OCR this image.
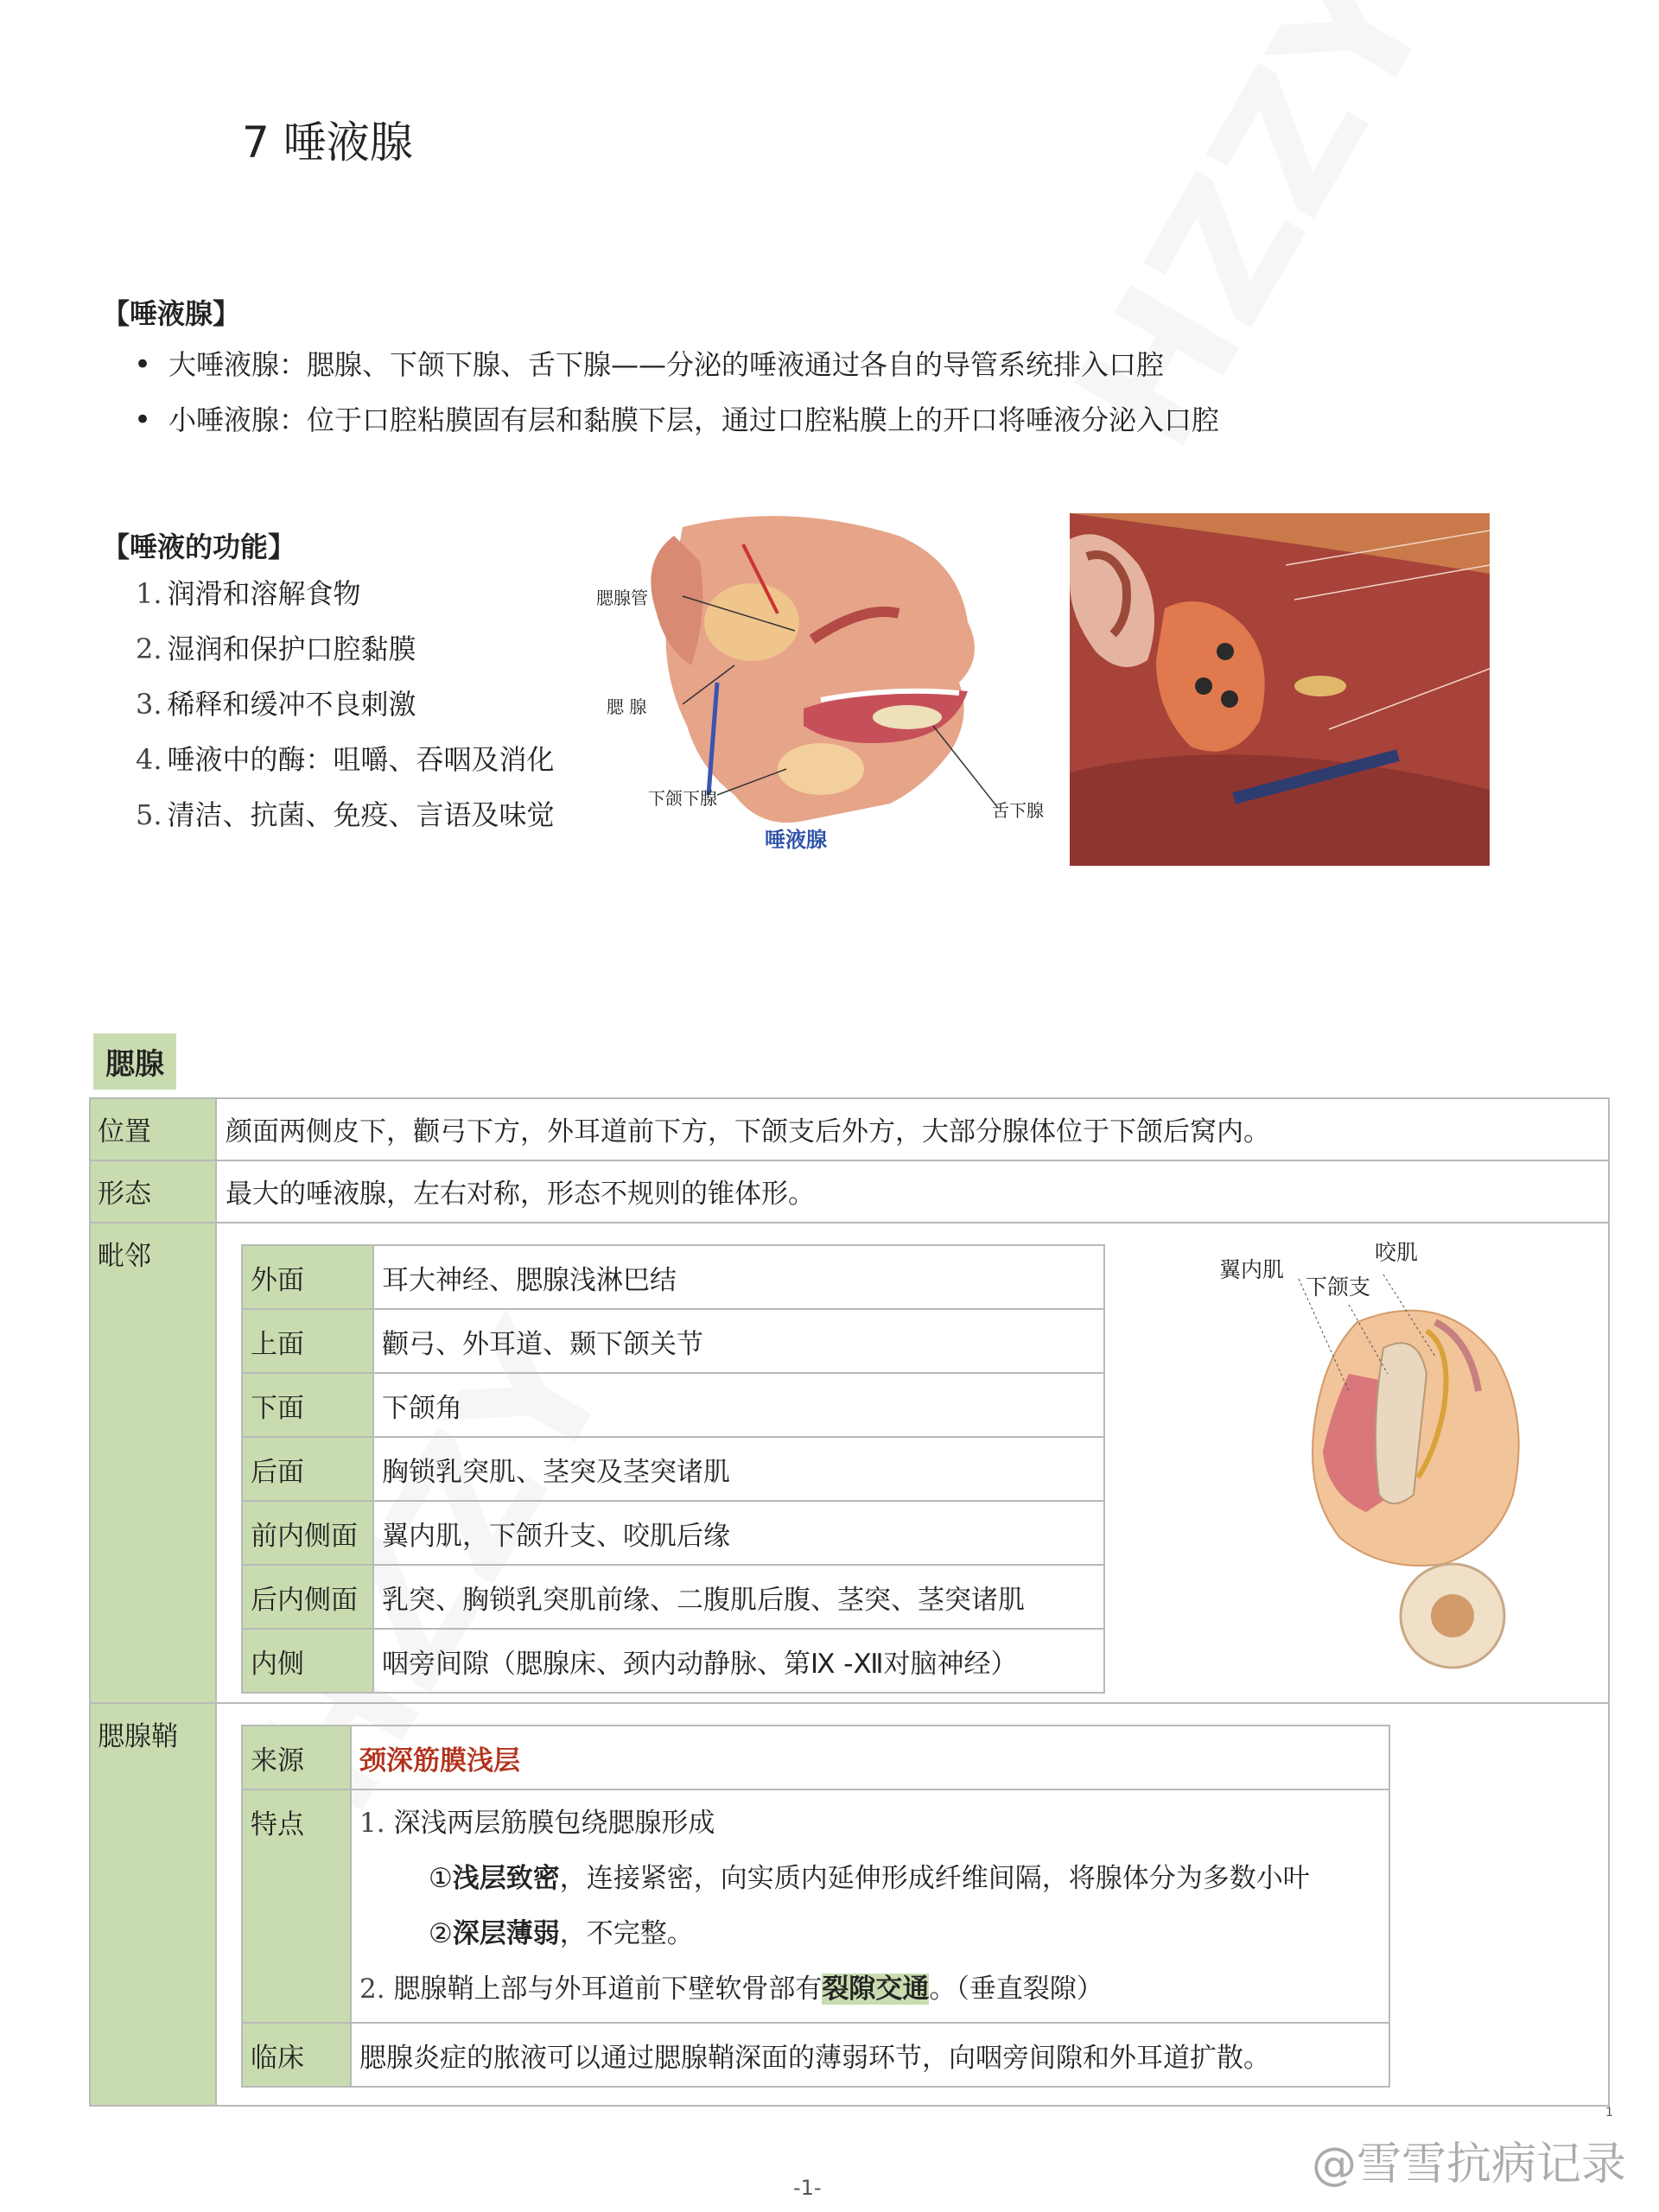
7 唾液腺
【唾液腺】
• 大唾液腺：腮腺、下颌下腺、舌下腺——分泌的唾液通过各自的导管系统排入口腔
• 小唾液腺：位于口腔粘膜固有层和黏膜下层，通过口腔粘膜上的开口将唾液分泌入口腔
【唾液的功能】
1. 润滑和溶解食物
2. 湿润和保护口腔黏膜
3. 稀释和缓冲不良刺激
4. 唾液中的酶：咀嚼、吞咽及消化
5. 清洁、抗菌、免疫、言语及味觉
腮腺管
腮 腺
下颌下腺
舌下腺
唾液腺
腮腺
位置	颜面两侧皮下，颧弓下方，外耳道前下方，下颌支后外方，大部分腺体位于下颌后窝内。
形态	最大的唾液腺，左右对称，形态不规则的锥体形。
毗邻	
外面	耳大神经、腮腺浅淋巴结
上面	颧弓、外耳道、颞下颌关节
下面	下颌角
后面	胸锁乳突肌、茎突及茎突诸肌
前内侧面	翼内肌，下颌升支、咬肌后缘
后内侧面	乳突、胸锁乳突肌前缘、二腹肌后腹、茎突、茎突诸肌
内侧	咽旁间隙（腮腺床、颈内动静脉、第Ⅸ -Ⅻ对脑神经）
翼内肌
咬肌
下颌支

腮腺鞘	
来源	颈深筋膜浅层
特点	1. 深浅两层筋膜包绕腮腺形成
①浅层致密，连接紧密，向实质内延伸形成纤维间隔，将腺体分为多数小叶
②深层薄弱，不完整。
2. 腮腺鞘上部与外耳道前下壁软骨部有裂隙交通。（垂直裂隙）

临床	腮腺炎症的脓液可以通过腮腺鞘深面的薄弱环节，向咽旁间隙和外耳道扩散。
1
@雪雪抗病记录
-1-
